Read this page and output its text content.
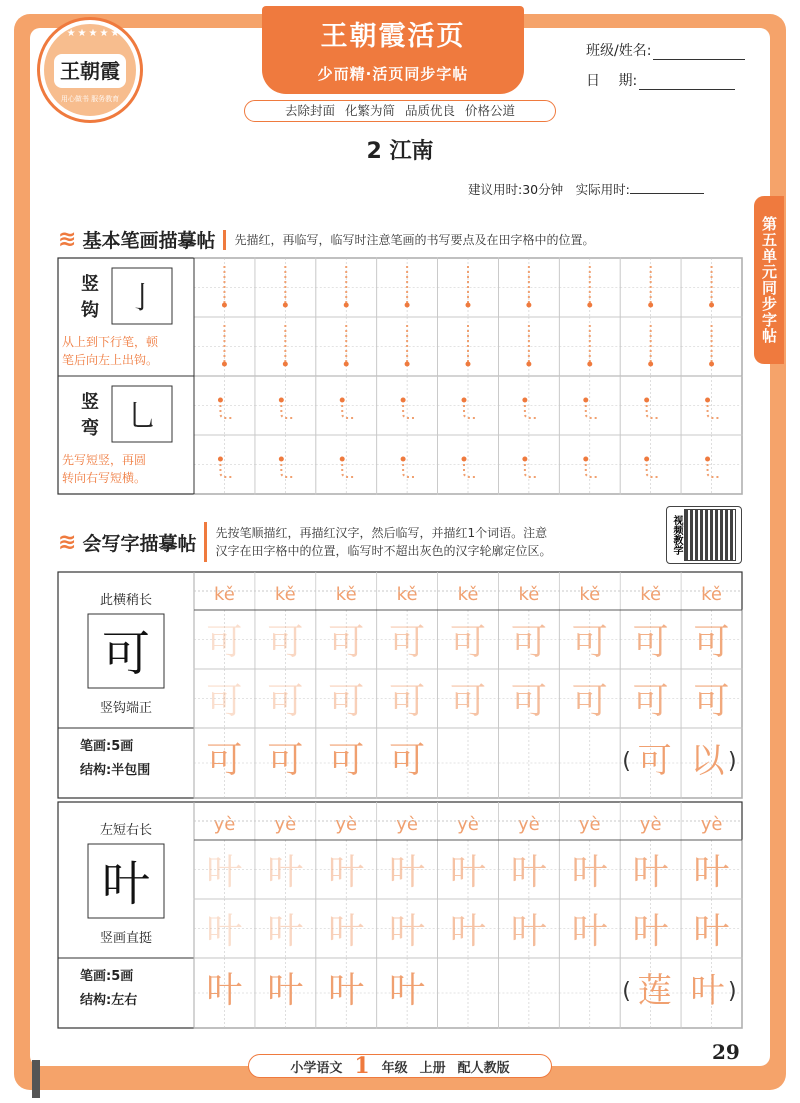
★★★★★
王朝霞
用心做书 服务教育
王朝霞活页
少而精·活页同步字帖
班级/姓名:
日　 期:
去除封面 化繁为简 品质优良 价格公道
2 江南
建议用时:30分钟　实际用时:
第五单元同步字帖
≋ 基本笔画描摹帖 先描红，再临写，临写时注意笔画的书写要点及在田字格中的位置。
≋ 会写字描摹帖 先按笔顺描红，再描红汉字，然后临写，并描红1个词语。注意
汉字在田字格中的位置，临写时不超出灰色的汉字轮廓定位区。	视频教学
竖
钩 亅
从上到下行笔，顿
笔后向左上出钩。
竖
弯 乚
先写短竖，再圆
转向右写短横。
此横稍长
可
竖钩端正
笔画:5画
结构:半包围
kě
可
可
可
kě
可
可
可
kě
可
可
可
kě
可
可
可
kě
可
可
kě
可
可
kě
可
可
kě
可
可
kě
可
可
( 可 以 )
左短右长
叶
竖画直挺
笔画:5画
结构:左右
yè
叶
叶
叶
yè
叶
叶
叶
yè
叶
叶
叶
yè
叶
叶
叶
yè
叶
叶
yè
叶
叶
yè
叶
叶
yè
叶
叶
yè
叶
叶
( 莲 叶 )
29
小学语文 1 年级 上册 配人教版
